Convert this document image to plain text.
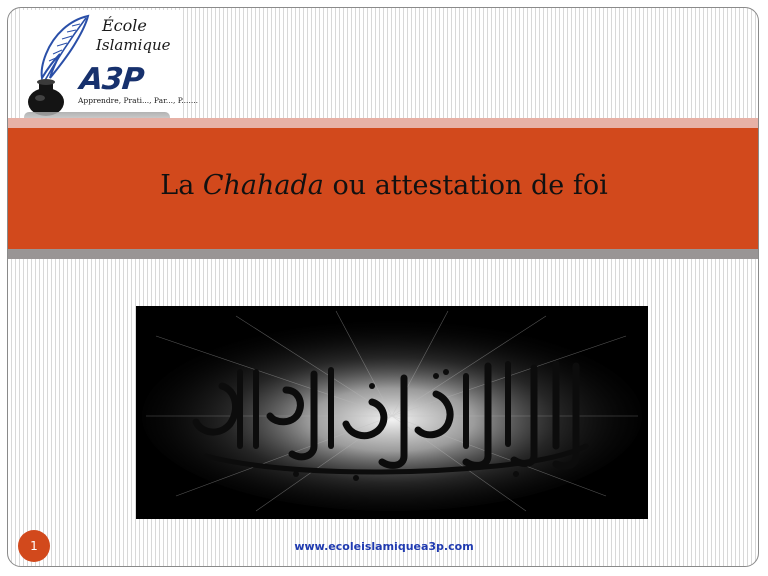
École
Islamique
A3P
Apprendre, Prati..., Par..., P.......
La Chahada ou attestation de foi
1	www.ecoleislamiquea3p.com
